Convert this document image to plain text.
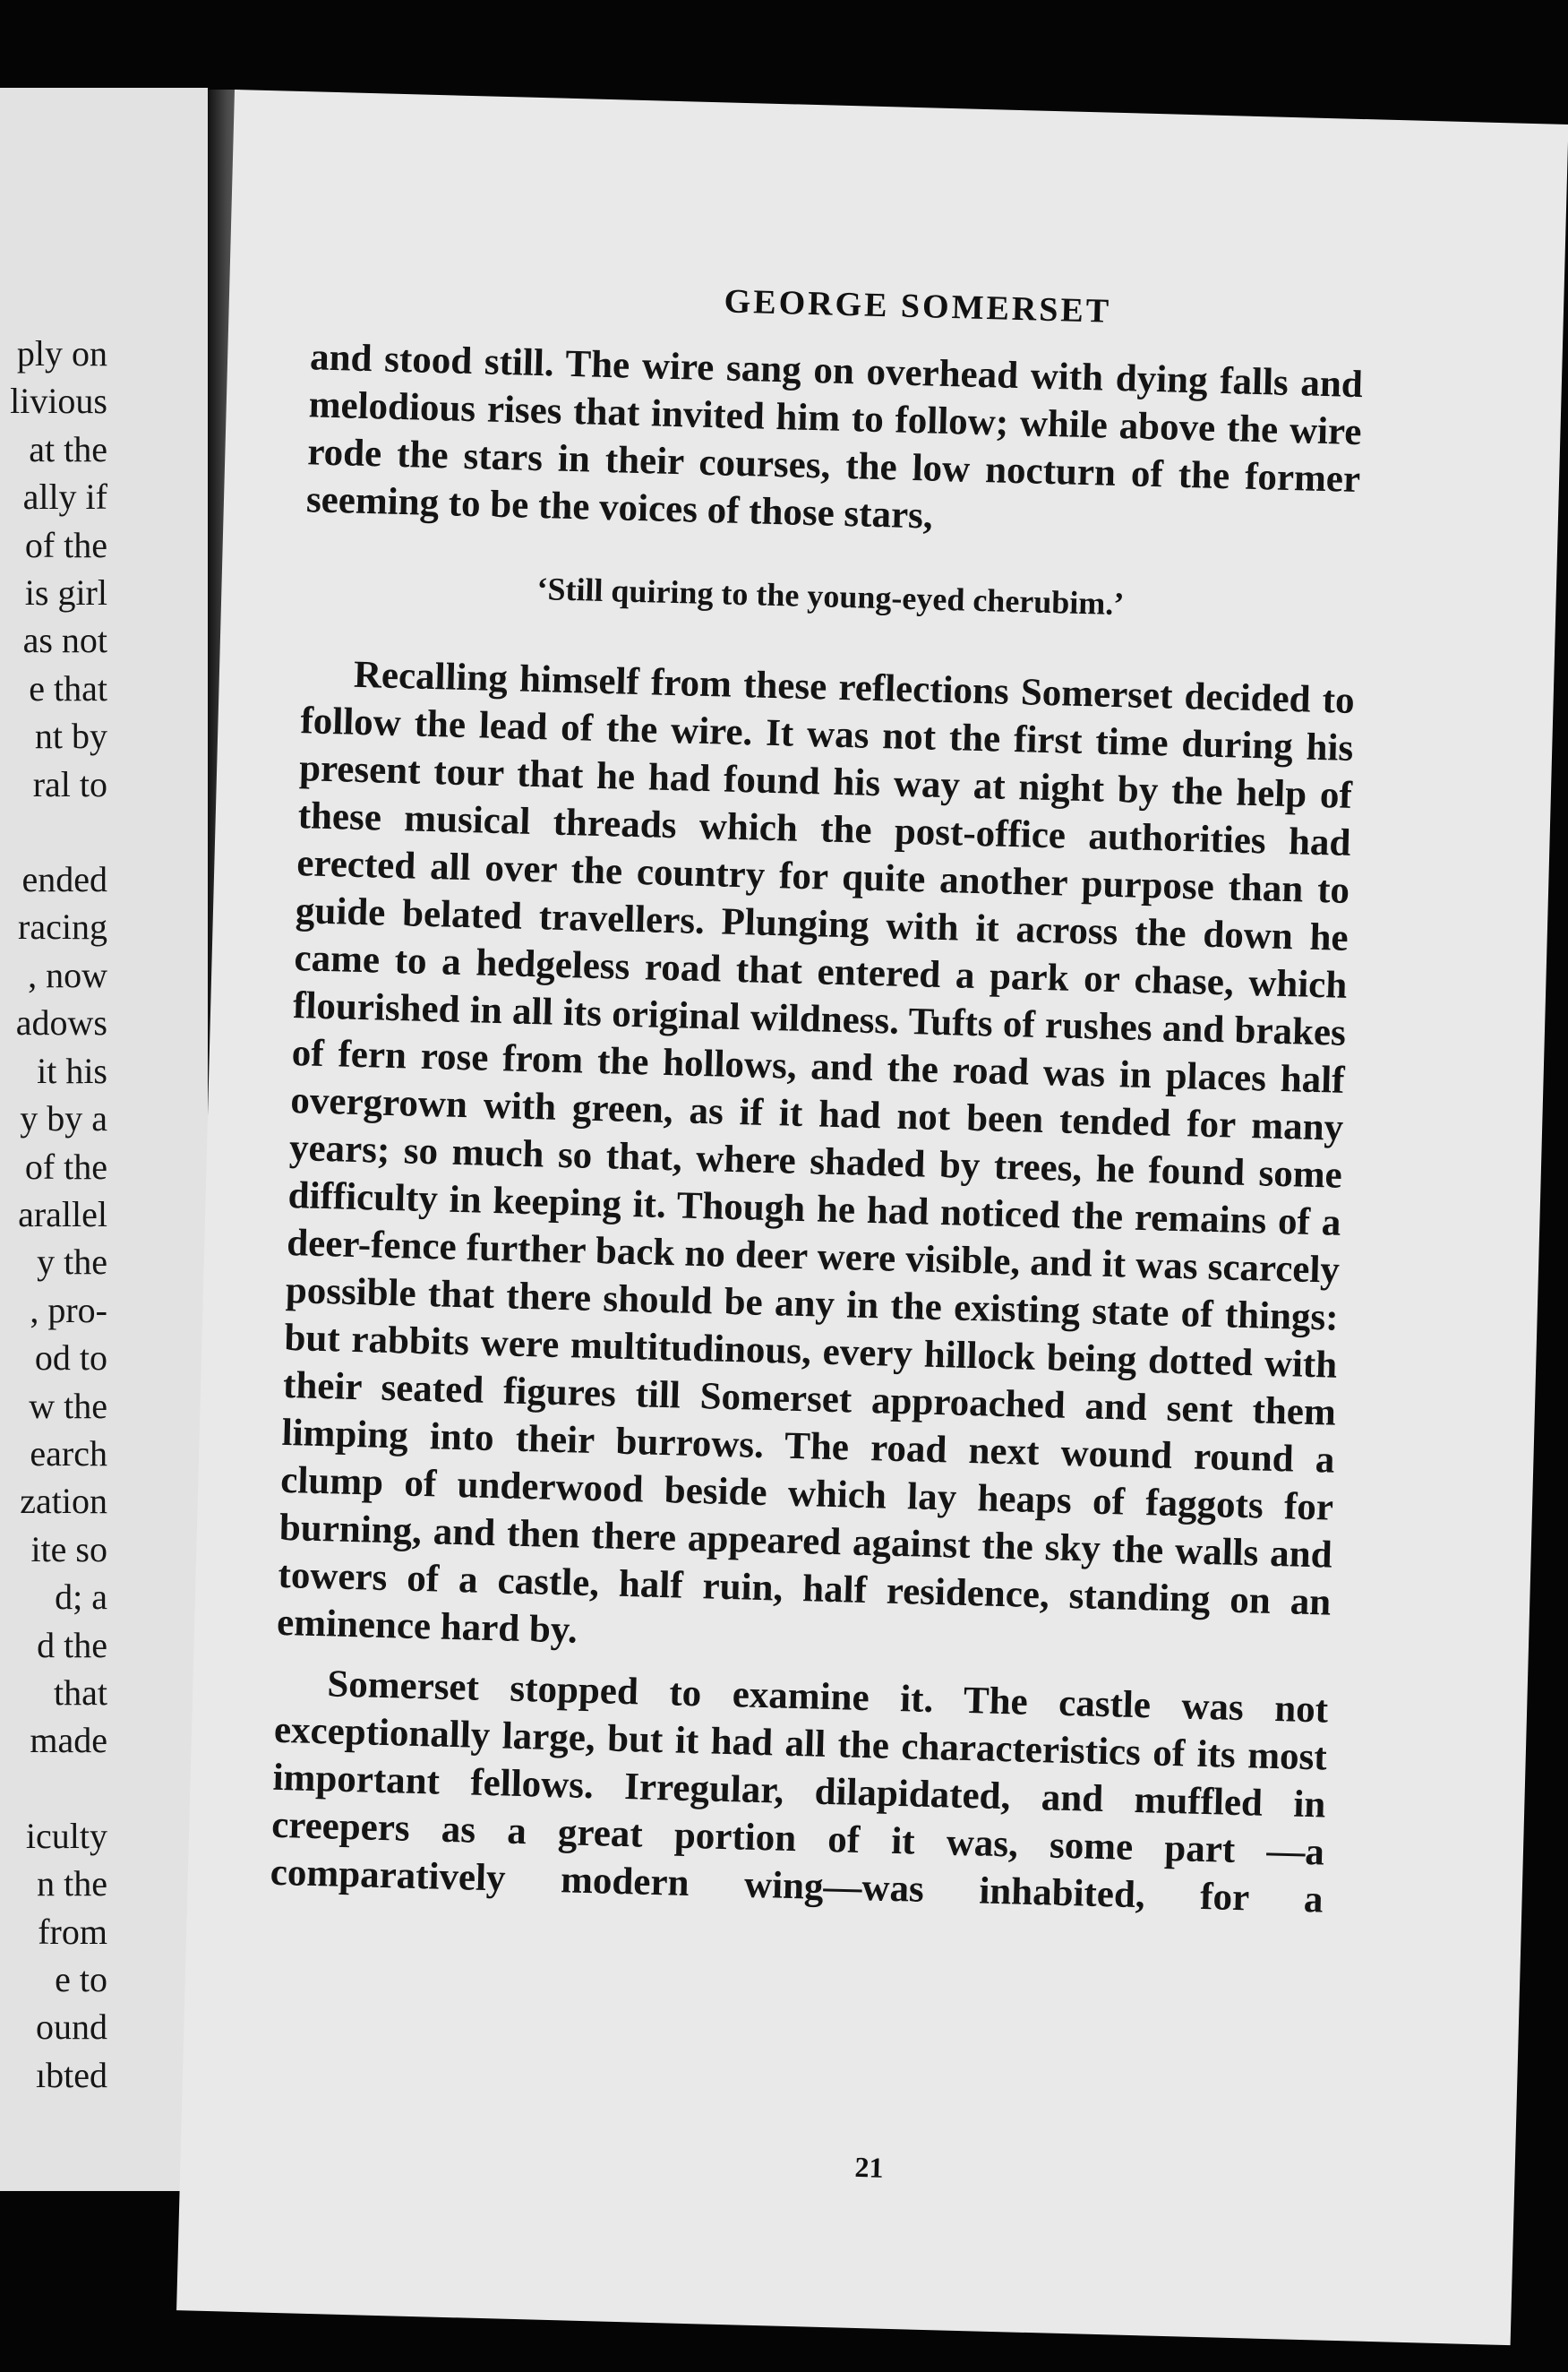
ply on
livious
at the
ally if
of the
is girl
as not
e that
nt by
ral to
ended
racing
, now
adows
it his
y by a
of the
arallel
y the
, pro-
od to
w the
earch
zation
ite so
d; a
d the
that
made
iculty
n the
from
e to
ound
ıbted
GEORGE SOMERSET

and stood still. The wire sang on overhead with dying falls and melodious rises that invited him to follow; while above the wire rode the stars in their courses, the low nocturn of the former seeming to be the voices of those stars,

‘Still quiring to the young-eyed cherubim.’

Recalling himself from these reflections Somerset decided to follow the lead of the wire. It was not the first time during his present tour that he had found his way at night by the help of these musical threads which the post-office authorities had erected all over the country for quite another purpose than to guide belated travellers. Plunging with it across the down he came to a hedgeless road that entered a park or chase, which flourished in all its original wildness. Tufts of rushes and brakes of fern rose from the hollows, and the road was in places half overgrown with green, as if it had not been tended for many years; so much so that, where shaded by trees, he found some difficulty in keeping it. Though he had noticed the remains of a deer-fence further back no deer were visible, and it was scarcely possible that there should be any in the existing state of things: but rabbits were multitudinous, every hillock being dotted with their seated figures till Somerset approached and sent them limping into their burrows. The road next wound round a clump of underwood beside which lay heaps of faggots for burning, and then there appeared against the sky the walls and towers of a castle, half ruin, half residence, standing on an eminence hard by.

Somerset stopped to examine it. The castle was not exceptionally large, but it had all the characteristics of its most important fellows. Irregular, dilapidated, and muffled in creepers as a great portion of it was, some part —a comparatively modern wing—was inhabited, for a

21
